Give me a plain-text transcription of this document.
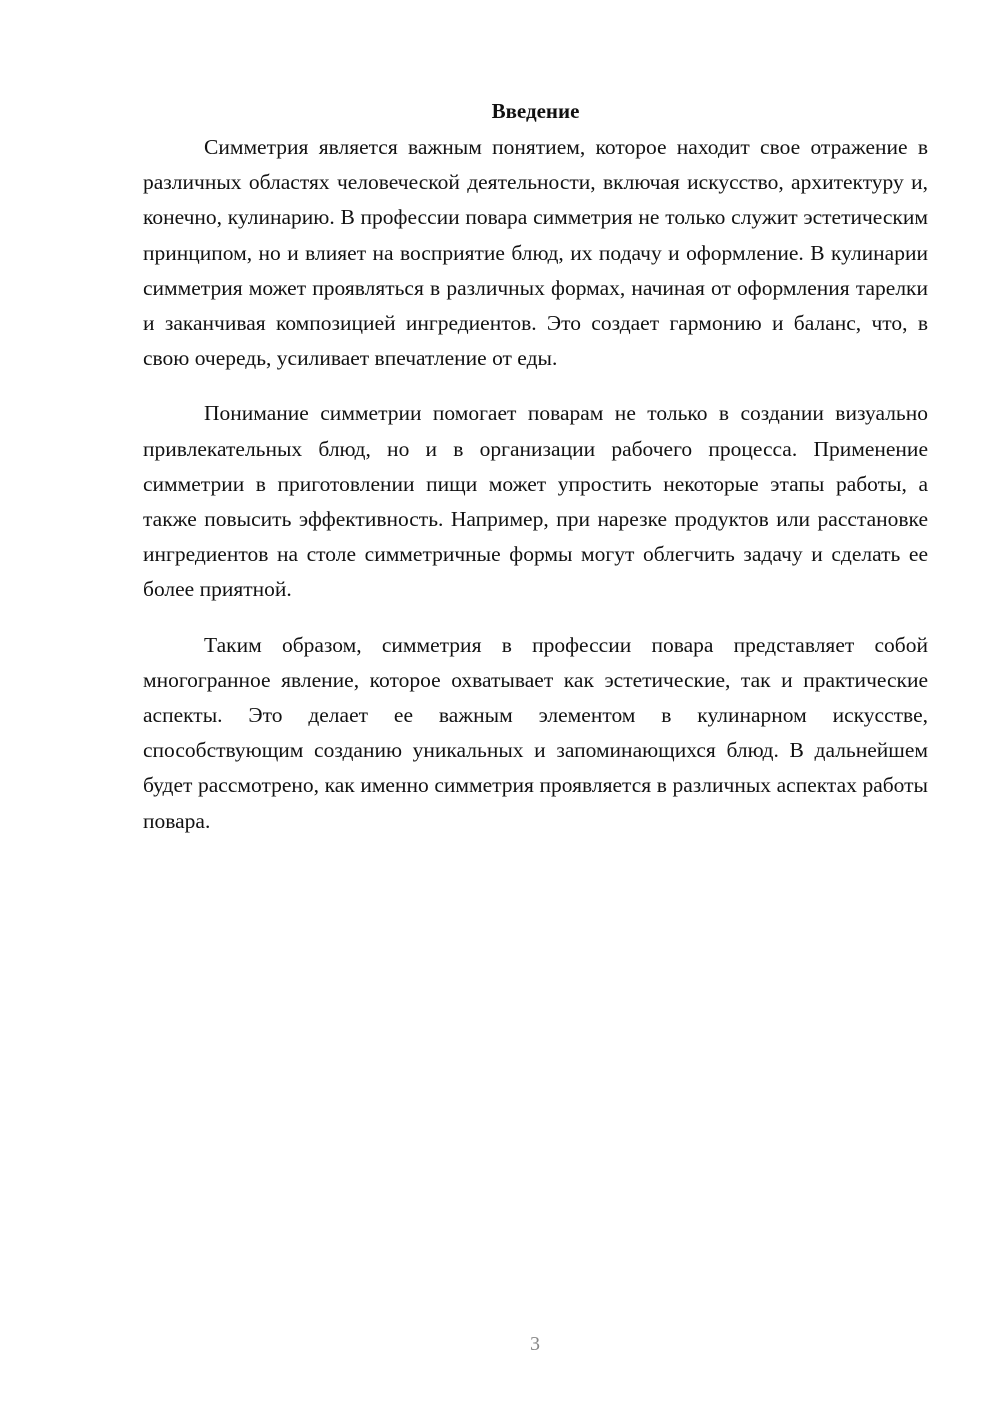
Введение

Симметрия является важным понятием, которое находит свое отражение в различных областях человеческой деятельности, включая искусство, архитектуру и, конечно, кулинарию. В профессии повара симметрия не только служит эстетическим принципом, но и влияет на восприятие блюд, их подачу и оформление. В кулинарии симметрия может проявляться в различных формах, начиная от оформления тарелки и заканчивая композицией ингредиентов. Это создает гармонию и баланс, что, в свою очередь, усиливает впечатление от еды.

Понимание симметрии помогает поварам не только в создании визуально привлекательных блюд, но и в организации рабочего процесса. Применение симметрии в приготовлении пищи может упростить некоторые этапы работы, а также повысить эффективность. Например, при нарезке продуктов или расстановке ингредиентов на столе симметричные формы могут облегчить задачу и сделать ее более приятной.

Таким образом, симметрия в профессии повара представляет собой многогранное явление, которое охватывает как эстетические, так и практические аспекты. Это делает ее важным элементом в кулинарном искусстве, способствующим созданию уникальных и запоминающихся блюд. В дальнейшем будет рассмотрено, как именно симметрия проявляется в различных аспектах работы повара.

3
